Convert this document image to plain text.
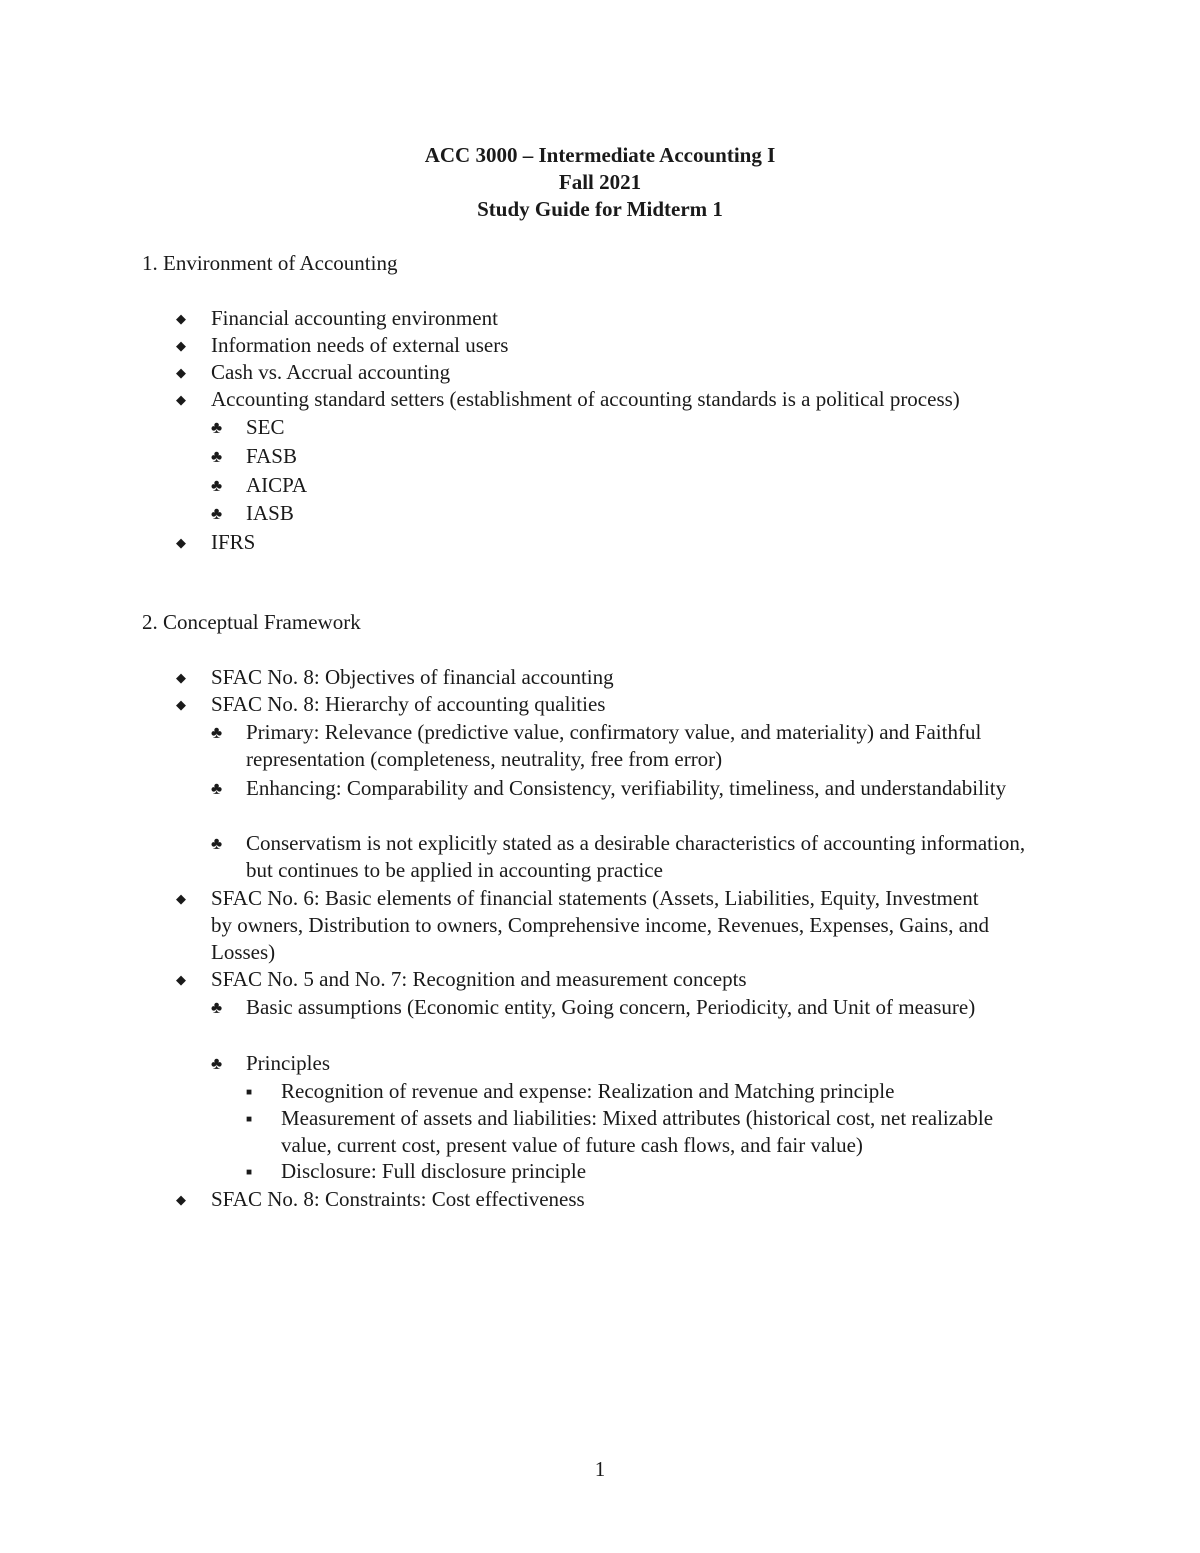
ACC 3000 – Intermediate Accounting I
Fall 2021
Study Guide for Midterm 1
1. Environment of Accounting
◆ Financial accounting environment
◆ Information needs of external users
◆ Cash vs. Accrual accounting
◆ Accounting standard setters (establishment of accounting standards is a political process)
♣ SEC
♣ FASB
♣ AICPA
♣ IASB
◆ IFRS
2. Conceptual Framework
◆ SFAC No. 8: Objectives of financial accounting
◆ SFAC No. 8: Hierarchy of accounting qualities
♣ Primary: Relevance (predictive value, confirmatory value, and materiality) and Faithful representation (completeness, neutrality, free from error)
♣ Enhancing: Comparability and Consistency, verifiability, timeliness, and understandability
♣ Conservatism is not explicitly stated as a desirable characteristics of accounting information, but continues to be applied in accounting practice
◆ SFAC No. 6: Basic elements of financial statements (Assets, Liabilities, Equity, Investment by owners, Distribution to owners, Comprehensive income, Revenues, Expenses, Gains, and Losses)
◆ SFAC No. 5 and No. 7: Recognition and measurement concepts
♣ Basic assumptions (Economic entity, Going concern, Periodicity, and Unit of measure)
♣ Principles
■ Recognition of revenue and expense: Realization and Matching principle
■ Measurement of assets and liabilities: Mixed attributes (historical cost, net realizable value, current cost, present value of future cash flows, and fair value)
■ Disclosure: Full disclosure principle
◆ SFAC No. 8: Constraints: Cost effectiveness
1
